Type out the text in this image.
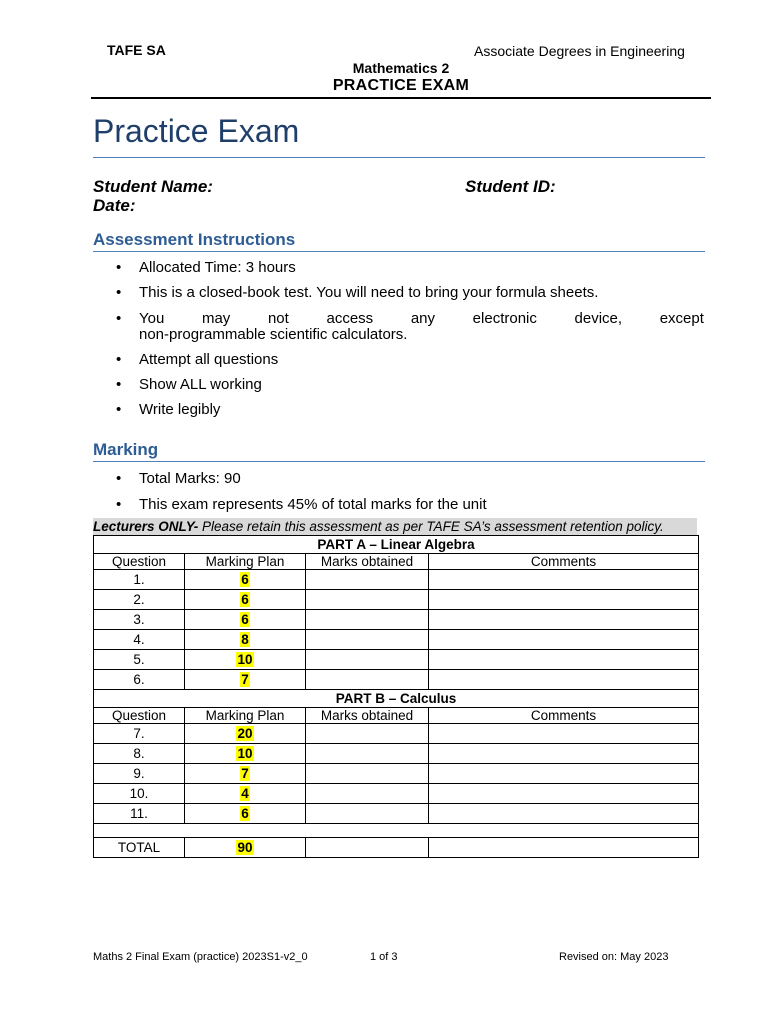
TAFE SA	Associate Degrees in Engineering
Mathematics 2
PRACTICE EXAM
Practice Exam
Student Name:	Student ID:
Date:
Assessment Instructions
• Allocated Time: 3 hours
• This is a closed-book test. You will need to bring your formula sheets.
• You	may	not	access	any	electronic	device,	except
non-programmable scientific calculators.
• Attempt all questions
• Show ALL working
• Write legibly
Marking
• Total Marks: 90
• This exam represents 45% of total marks for the unit
Lecturers ONLY- Please retain this assessment as per TAFE SA’s assessment retention policy.
PART A – Linear Algebra			
Question	Marking Plan	Marks obtained	Comments
1.	6		
2.	6		
3.	6		
4.	8		
5.	10		
6.	7		
PART B – Calculus			
Question	Marking Plan	Marks obtained	Comments
7.	20		
8.	10		
9.	7		
10.	4		
11.	6		

TOTAL	90		
Maths 2 Final Exam (practice) 2023S1-v2_0	1 of 3	Revised on: May 2023
